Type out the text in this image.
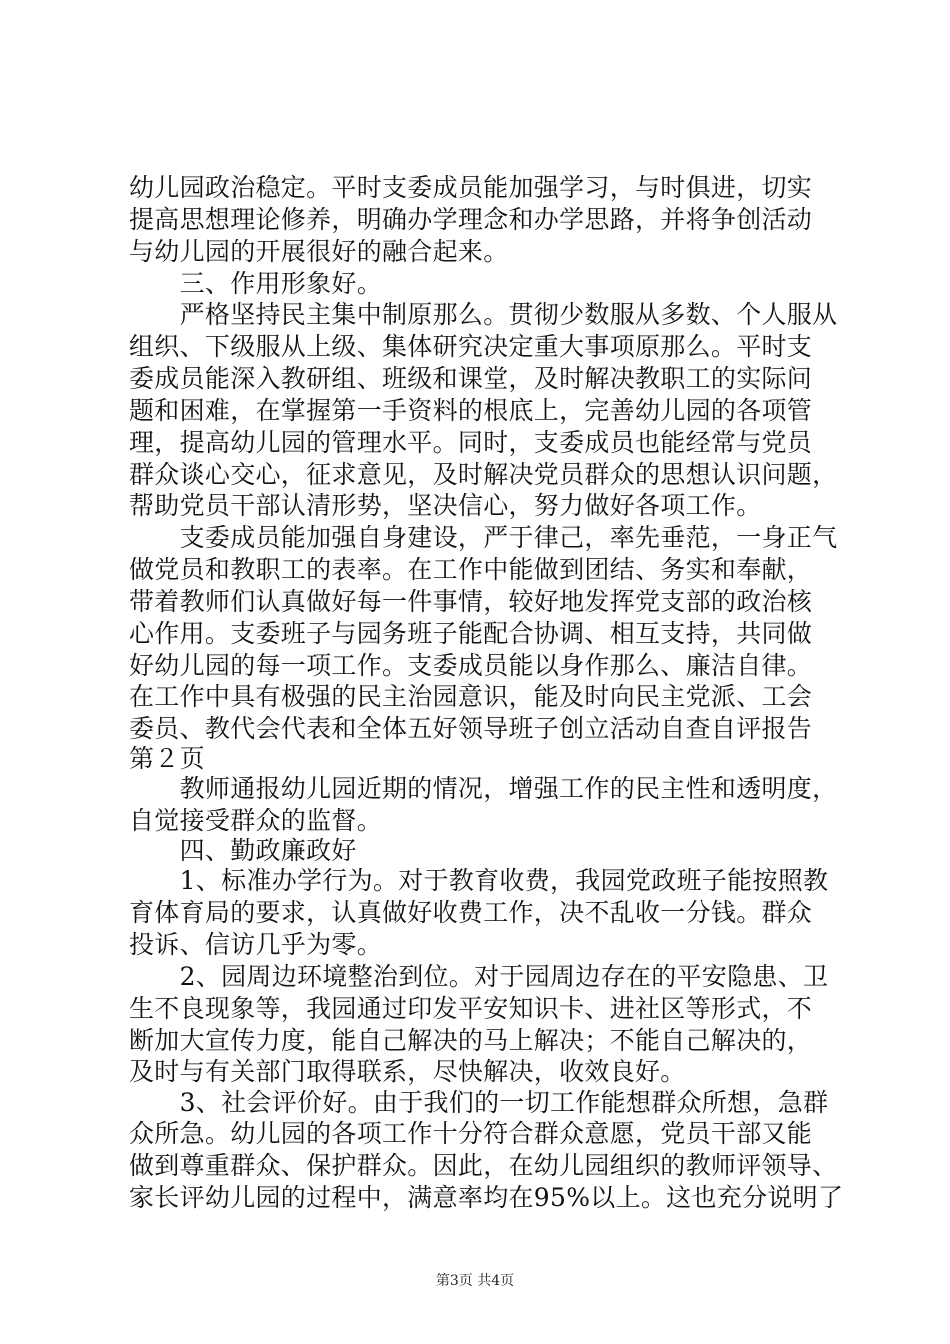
幼儿园政治稳定。平时支委成员能加强学习，与时俱进，切实
提高思想理论修养，明确办学理念和办学思路，并将争创活动
与幼儿园的开展很好的融合起来。
　　三、作用形象好。
　　严格坚持民主集中制原那么。贯彻少数服从多数、个人服从
组织、下级服从上级、集体研究决定重大事项原那么。平时支
委成员能深入教研组、班级和课堂，及时解决教职工的实际问
题和困难，在掌握第一手资料的根底上，完善幼儿园的各项管
理，提高幼儿园的管理水平。同时，支委成员也能经常与党员
群众谈心交心，征求意见，及时解决党员群众的思想认识问题，
帮助党员干部认清形势，坚决信心，努力做好各项工作。
　　支委成员能加强自身建设，严于律己，率先垂范，一身正气
做党员和教职工的表率。在工作中能做到团结、务实和奉献，
带着教师们认真做好每一件事情，较好地发挥党支部的政治核
心作用。支委班子与园务班子能配合协调、相互支持，共同做
好幼儿园的每一项工作。支委成员能以身作那么、廉洁自律。
在工作中具有极强的民主治园意识，能及时向民主党派、工会
委员、教代会代表和全体五好领导班子创立活动自查自评报告
第２页
　　教师通报幼儿园近期的情况，增强工作的民主性和透明度，
自觉接受群众的监督。
　　四、勤政廉政好
　　1、标准办学行为。对于教育收费，我园党政班子能按照教
育体育局的要求，认真做好收费工作，决不乱收一分钱。群众
投诉、信访几乎为零。
　　2、园周边环境整治到位。对于园周边存在的平安隐患、卫
生不良现象等，我园通过印发平安知识卡、进社区等形式，不
断加大宣传力度，能自己解决的马上解决；不能自己解决的，
及时与有关部门取得联系，尽快解决，收效良好。
　　3、社会评价好。由于我们的一切工作能想群众所想，急群
众所急。幼儿园的各项工作十分符合群众意愿，党员干部又能
做到尊重群众、保护群众。因此，在幼儿园组织的教师评领导、
家长评幼儿园的过程中，满意率均在95%以上。这也充分说明了
第3页 共4页
